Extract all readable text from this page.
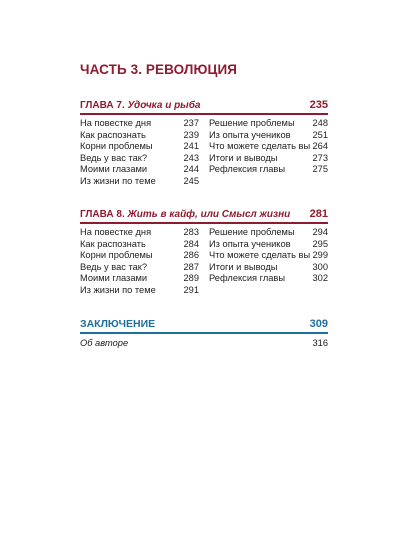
ЧАСТЬ 3. РЕВОЛЮЦИЯ
ГЛАВА 7. Удочка и рыба	235
На повестке дня	237
Как распознать	239
Корни проблемы	241
Ведь у вас так?	243
Моими глазами	244
Из жизни по теме	245
Решение проблемы 248
Из опыта учеников 251
Что можете сделать вы 264
Итоги и выводы	273
Рефлексия главы	275
ГЛАВА 8. Жить в кайф, или Смысл жизни 281
На повестке дня	283
Как распознать	284
Корни проблемы	286
Ведь у вас так?	287
Моими глазами	289
Из жизни по теме	291
Решение проблемы 294
Из опыта учеников 295
Что можете сделать вы 299
Итоги и выводы	300
Рефлексия главы	302
ЗАКЛЮЧЕНИЕ	309
Об авторе	316
